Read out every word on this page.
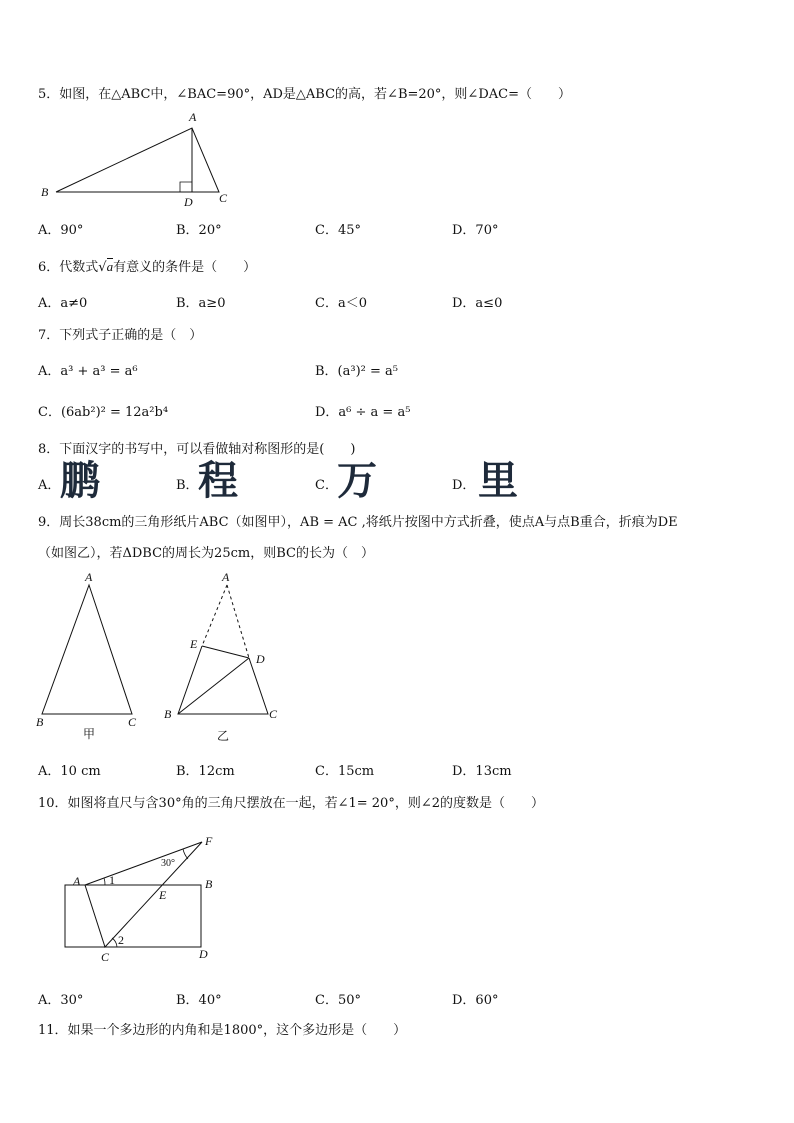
5．如图，在△ABC中，∠BAC=90°，AD是△ABC的高，若∠B=20°，则∠DAC=（　　）
A
B	C
D
A．90°	B．20°	C．45°	D．70°
6．代数式√a有意义的条件是（　　）
A．a≠0	B．a≥0	C．a＜0	D．a≤0
7．下列式子正确的是（　）
A．a³ + a³ = a⁶	B．(a³)² = a⁵
C．(6ab²)² = 12a²b⁴	D．a⁶ ÷ a = a⁵
8．下面汉字的书写中，可以看做轴对称图形的是(　　)
A． 鹏	B． 程	C． 万	D． 里
9．周长38cm的三角形纸片ABC（如图甲），AB = AC ,将纸片按图中方式折叠，使点A与点B重合，折痕为DE
（如图乙），若ΔDBC的周长为25cm，则BC的长为（　）
A
B	C
甲
A
E
D
B	C
乙
A．10 cm	B．12cm	C．15cm	D．13cm
10．如图将直尺与含30°角的三角尺摆放在一起，若∠1= 20°，则∠2的度数是（　　）
A	B
C	D
E
F
1
2
30°
A．30°	B．40°	C．50°	D．60°
11．如果一个多边形的内角和是1800°，这个多边形是（　　）
